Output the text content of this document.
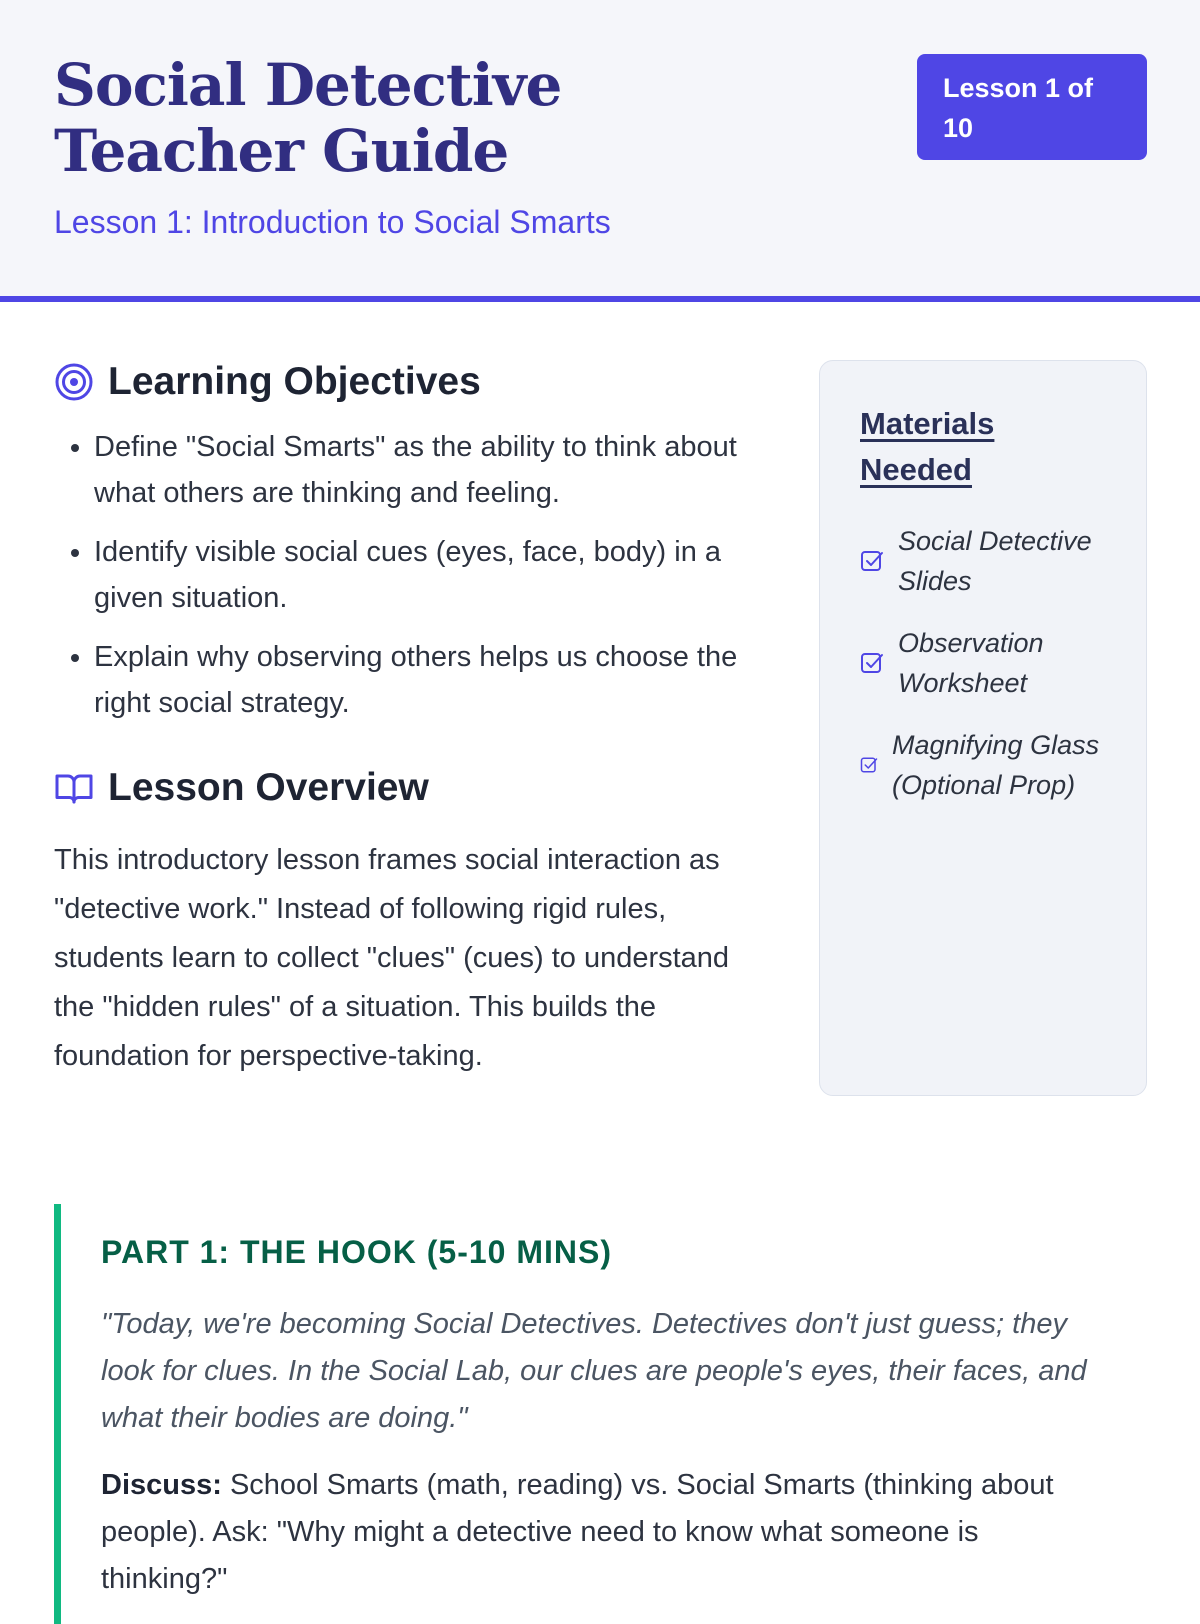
Social Detective Teacher Guide
Lesson 1: Introduction to Social Smarts
Lesson 1 of 10
Learning Objectives
• Define "Social Smarts" as the ability to think about what others are thinking and feeling.
• Identify visible social cues (eyes, face, body) in a given situation.
• Explain why observing others helps us choose the right social strategy.
Lesson Overview

This introductory lesson frames social interaction as "detective work." Instead of following rigid rules, students learn to collect "clues" (cues) to understand the "hidden rules" of a situation. This builds the foundation for perspective-taking.

Materials Needed
Social Detective Slides
Observation Worksheet
Magnifying Glass (Optional Prop)
PART 1: THE HOOK (5-10 MINS)

"Today, we're becoming Social Detectives. Detectives don't just guess; they look for clues. In the Social Lab, our clues are people's eyes, their faces, and what their bodies are doing."

Discuss: School Smarts (math, reading) vs. Social Smarts (thinking about people). Ask: "Why might a detective need to know what someone is thinking?"
